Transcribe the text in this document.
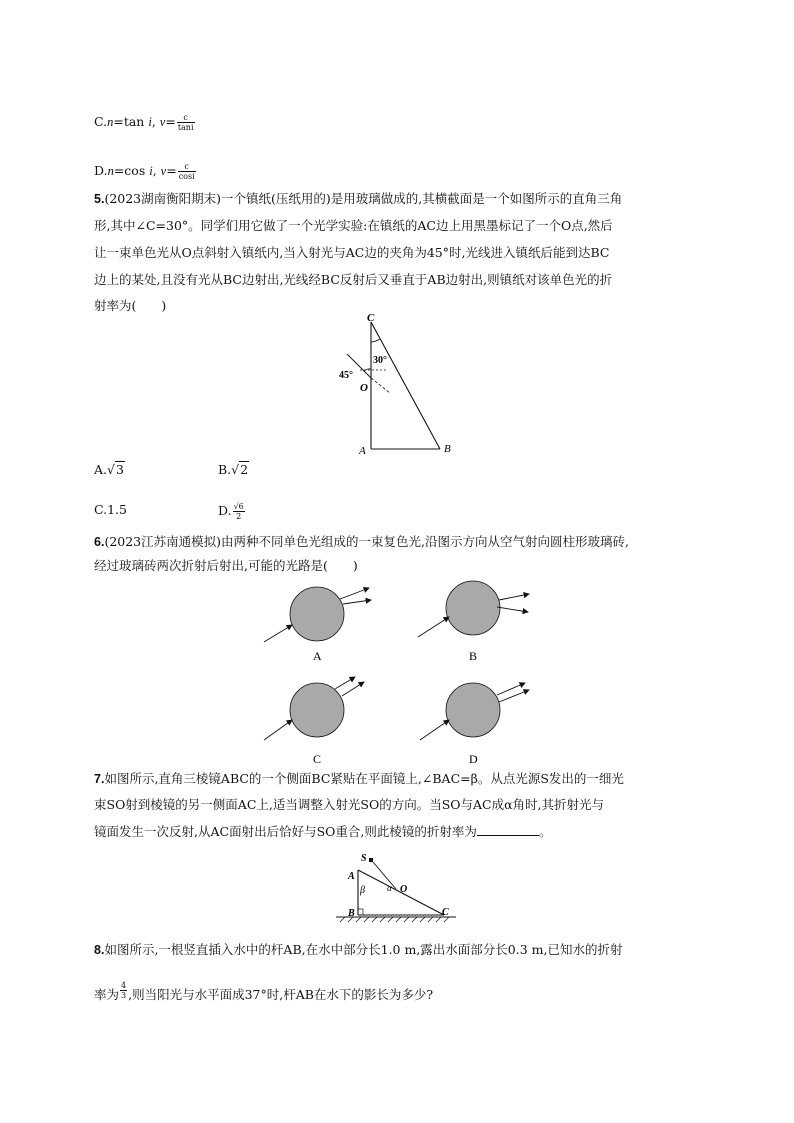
C.n=tan i, $v= \frac{c}{\tan i}$
D.n=cos i, $v= \frac{c}{\cos i}$
5.(2023湖南衡阳期末)一个镇纸(压纸用的)是用玻璃做成的,其横截面是一个如图所示的直角三角
形,其中∠C=30°。同学们用它做了一个光学实验:在镇纸的AC边上用黑墨标记了一个O点,然后
让一束单色光从O点斜射入镇纸内,当入射光与AC边的夹角为45°时,光线进入镇纸后能到达BC
边上的某处,且没有光从BC边射出,光线经BC反射后又垂直于AB边射出,则镇纸对该单色光的折
射率为(　　)
C
30°
45°
O
A	B
A.√3	B.√2
C.1.5	D. $\frac{√6}{2}$
6.(2023江苏南通模拟)由两种不同单色光组成的一束复色光,沿图示方向从空气射向圆柱形玻璃砖,
经过玻璃砖两次折射后射出,可能的光路是(　　)
A	B
C	D
7.如图所示,直角三棱镜ABC的一个侧面BC紧贴在平面镜上,∠BAC=β。从点光源S发出的一细光
束SO射到棱镜的另一侧面AC上,适当调整入射光SO的方向。当SO与AC成α角时,其折射光与
镜面发生一次反射,从AC面射出后恰好与SO重合,则此棱镜的折射率为	。
S
A
β α O
B	C
8.如图所示,一根竖直插入水中的杆AB,在水中部分长1.0 m,露出水面部分长0.3 m,已知水的折射
率为 $\frac{4}{3}$ ,则当阳光与水平面成37°时,杆AB在水下的影长为多少?
